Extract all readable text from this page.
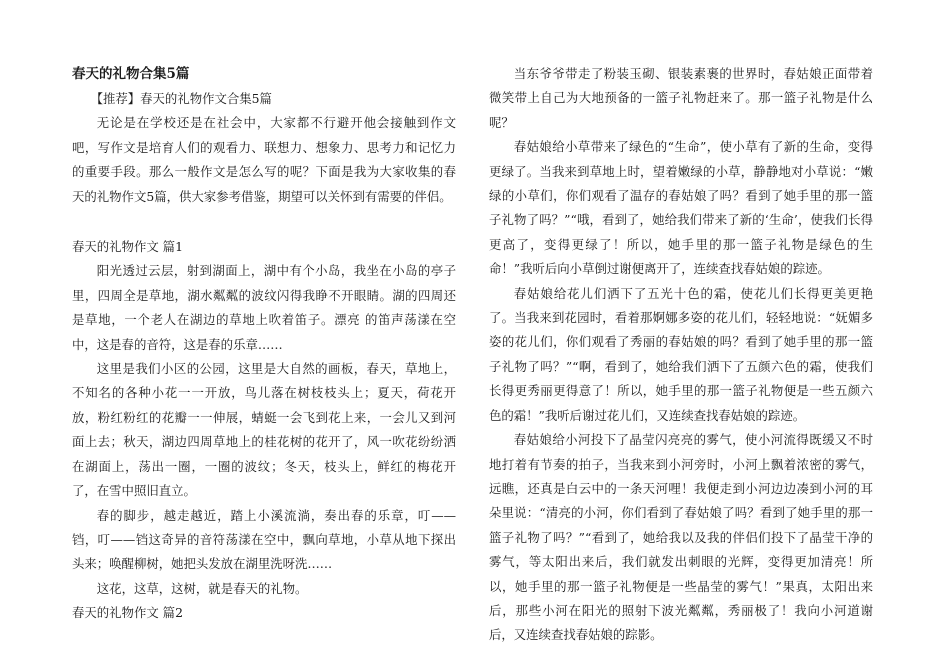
春天的礼物合集5篇

【推荐】春天的礼物作文合集5篇

无论是在学校还是在社会中，大家都不行避开他会接触到作文吧，写作文是培育人们的观看力、联想力、想象力、思考力和记忆力的重要手段。那么一般作文是怎么写的呢？下面是我为大家收集的春天的礼物作文5篇，供大家参考借鉴，期望可以关怀到有需要的伴侣。

春天的礼物作文 篇1

阳光透过云层，射到湖面上，湖中有个小岛，我坐在小岛的亭子里，四周全是草地，湖水粼粼的波纹闪得我睁不开眼睛。湖的四周还是草地，一个老人在湖边的草地上吹着笛子。漂亮 的笛声荡漾在空中，这是春的音符，这是春的乐章……

这里是我们小区的公园，这里是大自然的画板，春天，草地上，不知名的各种小花一一开放，鸟儿落在树枝枝头上；夏天，荷花开放，粉红粉红的花瓣一一伸展，蜻蜓一会飞到花上来，一会儿又到河面上去；秋天，湖边四周草地上的桂花树的花开了，风一吹花纷纷洒在湖面上，荡出一圈，一圈的波纹；冬天，枝头上，鲜红的梅花开了，在雪中照旧直立。

春的脚步，越走越近，踏上小溪流淌，奏出春的乐章，叮——铛，叮——铛这奇异的音符荡漾在空中，飘向草地，小草从地下探出头来；唤醒柳树，她把头发放在湖里洗呀洗……

这花，这草，这树，就是春天的礼物。

春天的礼物作文 篇2

当东爷爷带走了粉装玉砌、银装素裹的世界时，春姑娘正面带着微笑带上自己为大地预备的一篮子礼物赶来了。那一篮子礼物是什么呢？

春姑娘给小草带来了绿色的“生命”，使小草有了新的生命，变得更绿了。当我来到草地上时，望着嫩绿的小草，静静地对小草说：“嫩绿的小草们，你们观看了温存的春姑娘了吗？看到了她手里的那一篮子礼物了吗？”“哦，看到了，她给我们带来了新的‘生命’，使我们长得更高了，变得更绿了！所以，她手里的那一篮子礼物是绿色的生命！”我听后向小草倒过谢便离开了，连续查找春姑娘的踪迹。

春姑娘给花儿们洒下了五光十色的霜，使花儿们长得更美更艳了。当我来到花园时，看着那婀娜多姿的花儿们，轻轻地说：“妩媚多姿的花儿们，你们观看了秀丽的春姑娘的吗？看到了她手里的那一篮子礼物了吗？”“啊，看到了，她给我们洒下了五颜六色的霜，使我们长得更秀丽更得意了！所以，她手里的那一篮子礼物便是一些五颜六色的霜！”我听后谢过花儿们，又连续查找春姑娘的踪迹。

春姑娘给小河投下了晶莹闪亮亮的雾气，使小河流得既缓又不时地打着有节奏的拍子，当我来到小河旁时，小河上飘着浓密的雾气，远瞧，还真是白云中的一条天河哩！我便走到小河边边凑到小河的耳朵里说：“清亮的小河，你们看到了春姑娘了吗？看到了她手里的那一篮子礼物了吗？”“看到了，她给我以及我的伴侣们投下了晶莹干净的雾气，等太阳出来后，我们就发出刺眼的光辉，变得更加清亮！所以，她手里的那一篮子礼物便是一些晶莹的雾气！”果真，太阳出来后，那些小河在阳光的照射下波光粼粼，秀丽极了！我向小河道谢后，又连续查找春姑娘的踪影。
